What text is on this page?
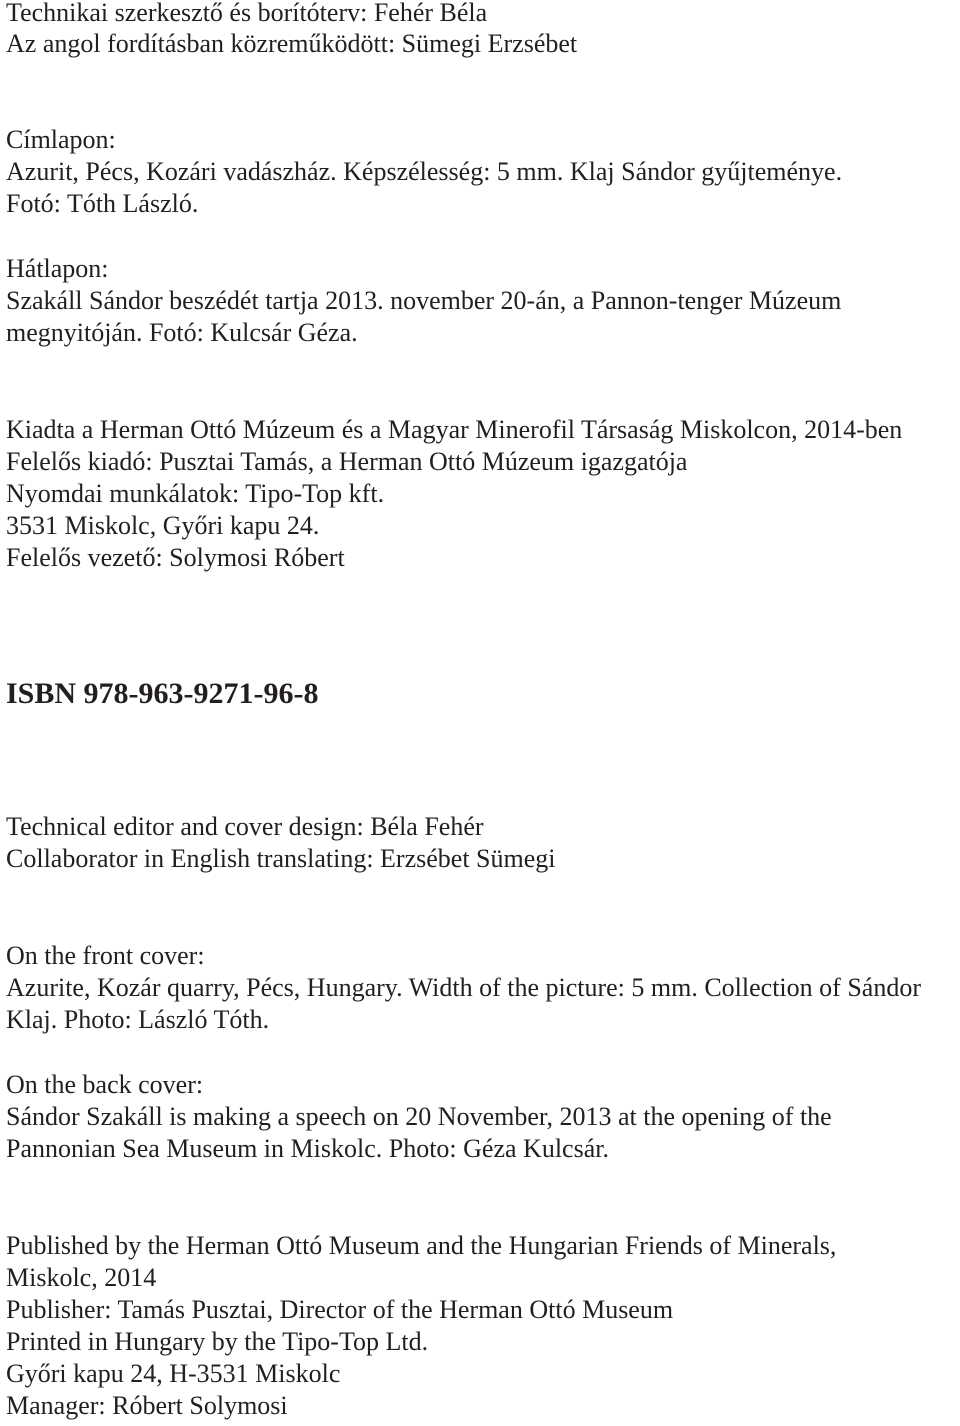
Technikai szerkesztő és borítóterv: Fehér Béla
Az angol fordításban közreműködött: Sümegi Erzsébet
Címlapon:
Azurit, Pécs, Kozári vadászház. Képszélesség: 5 mm. Klaj Sándor gyűjteménye.
Fotó: Tóth László.
Hátlapon:
Szakáll Sándor beszédét tartja 2013. november 20-án, a Pannon-tenger Múzeum
megnyitóján. Fotó: Kulcsár Géza.
Kiadta a Herman Ottó Múzeum és a Magyar Minerofil Társaság Miskolcon, 2014-ben
Felelős kiadó: Pusztai Tamás, a Herman Ottó Múzeum igazgatója
Nyomdai munkálatok: Tipo-Top kft.
3531 Miskolc, Győri kapu 24.
Felelős vezető: Solymosi Róbert
ISBN 978-963-9271-96-8
Technical editor and cover design: Béla Fehér
Collaborator in English translating: Erzsébet Sümegi
On the front cover:
Azurite, Kozár quarry, Pécs, Hungary. Width of the picture: 5 mm. Collection of Sándor
Klaj. Photo: László Tóth.
On the back cover:
Sándor Szakáll is making a speech on 20 November, 2013 at the opening of the
Pannonian Sea Museum in Miskolc. Photo: Géza Kulcsár.
Published by the Herman Ottó Museum and the Hungarian Friends of Minerals,
Miskolc, 2014
Publisher: Tamás Pusztai, Director of the Herman Ottó Museum
Printed in Hungary by the Tipo-Top Ltd.
Győri kapu 24, H-3531 Miskolc
Manager: Róbert Solymosi
